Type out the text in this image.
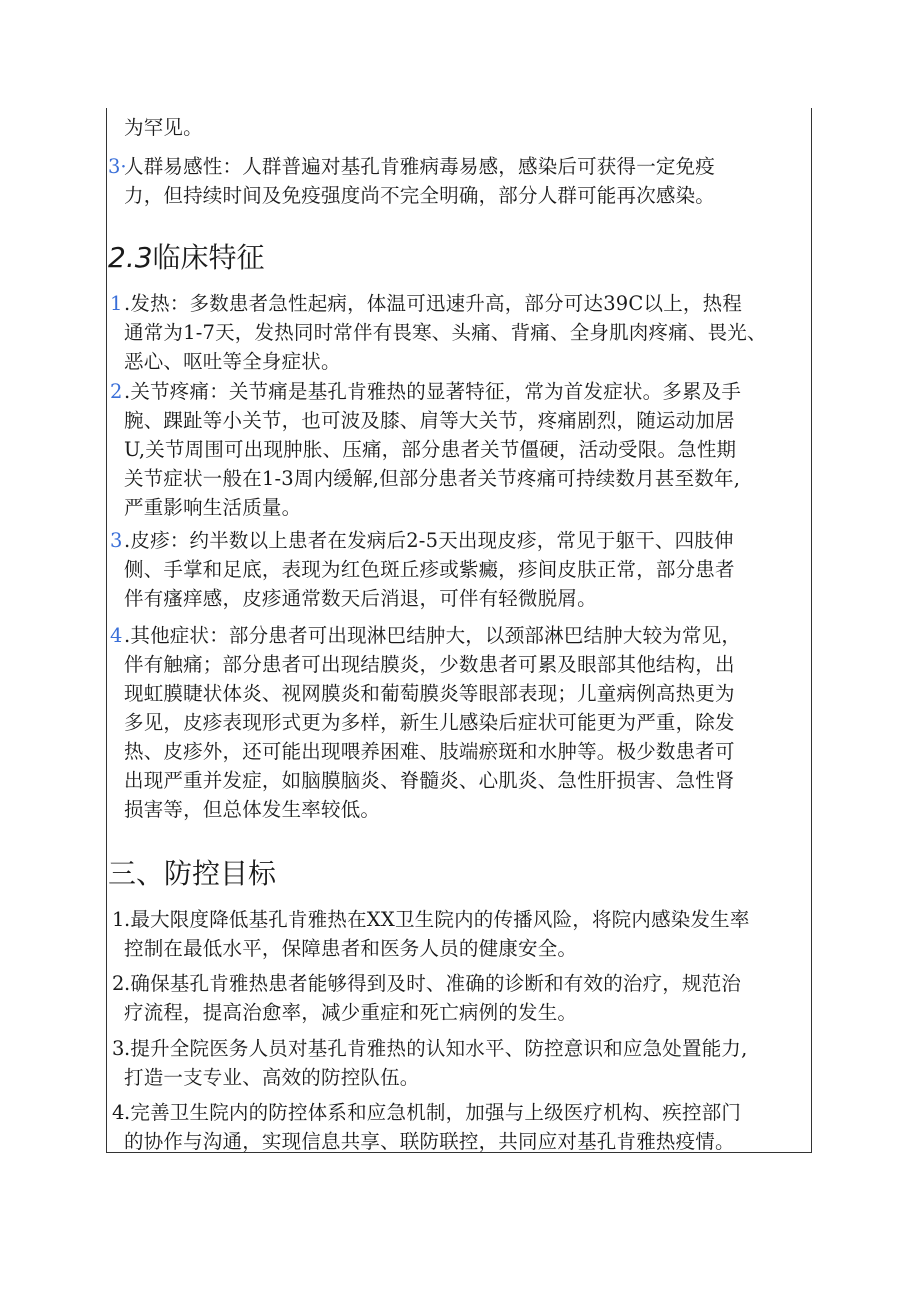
为罕见。
3·
人群易感性：人群普遍对基孔肯雅病毒易感，感染后可获得一定免疫
力，但持续时间及免疫强度尚不完全明确，部分人群可能再次感染。
2.3临床特征
1 .发热：多数患者急性起病，体温可迅速升高，部分可达39C以上，热程
通常为1-7天，发热同时常伴有畏寒、头痛、背痛、全身肌肉疼痛、畏光、
恶心、呕吐等全身症状。
2 .关节疼痛：关节痛是基孔肯雅热的显著特征，常为首发症状。多累及手
腕、踝趾等小关节，也可波及膝、肩等大关节，疼痛剧烈，随运动加居
U,关节周围可出现肿胀、压痛，部分患者关节僵硬，活动受限。急性期
关节症状一般在1-3周内缓解,但部分患者关节疼痛可持续数月甚至数年,
严重影响生活质量。
3 .皮疹：约半数以上患者在发病后2-5天出现皮疹，常见于躯干、四肢伸
侧、手掌和足底，表现为红色斑丘疹或紫癜，疹间皮肤正常，部分患者
伴有瘙痒感，皮疹通常数天后消退，可伴有轻微脱屑。
4 .其他症状：部分患者可出现淋巴结肿大，以颈部淋巴结肿大较为常见，
伴有触痛；部分患者可出现结膜炎，少数患者可累及眼部其他结构，出
现虹膜睫状体炎、视网膜炎和葡萄膜炎等眼部表现；儿童病例高热更为
多见，皮疹表现形式更为多样，新生儿感染后症状可能更为严重，除发
热、皮疹外，还可能出现喂养困难、肢端瘀斑和水肿等。极少数患者可
出现严重并发症，如脑膜脑炎、脊髓炎、心肌炎、急性肝损害、急性肾
损害等，但总体发生率较低。
三、防控目标
1 .最大限度降低基孔肯雅热在XX卫生院内的传播风险，将院内感染发生率
控制在最低水平，保障患者和医务人员的健康安全。
2 .确保基孔肯雅热患者能够得到及时、准确的诊断和有效的治疗，规范治
疗流程，提高治愈率，减少重症和死亡病例的发生。
3 .提升全院医务人员对基孔肯雅热的认知水平、防控意识和应急处置能力,
打造一支专业、高效的防控队伍。
4 .完善卫生院内的防控体系和应急机制，加强与上级医疗机构、疾控部门
的协作与沟通，实现信息共享、联防联控，共同应对基孔肯雅热疫情。
